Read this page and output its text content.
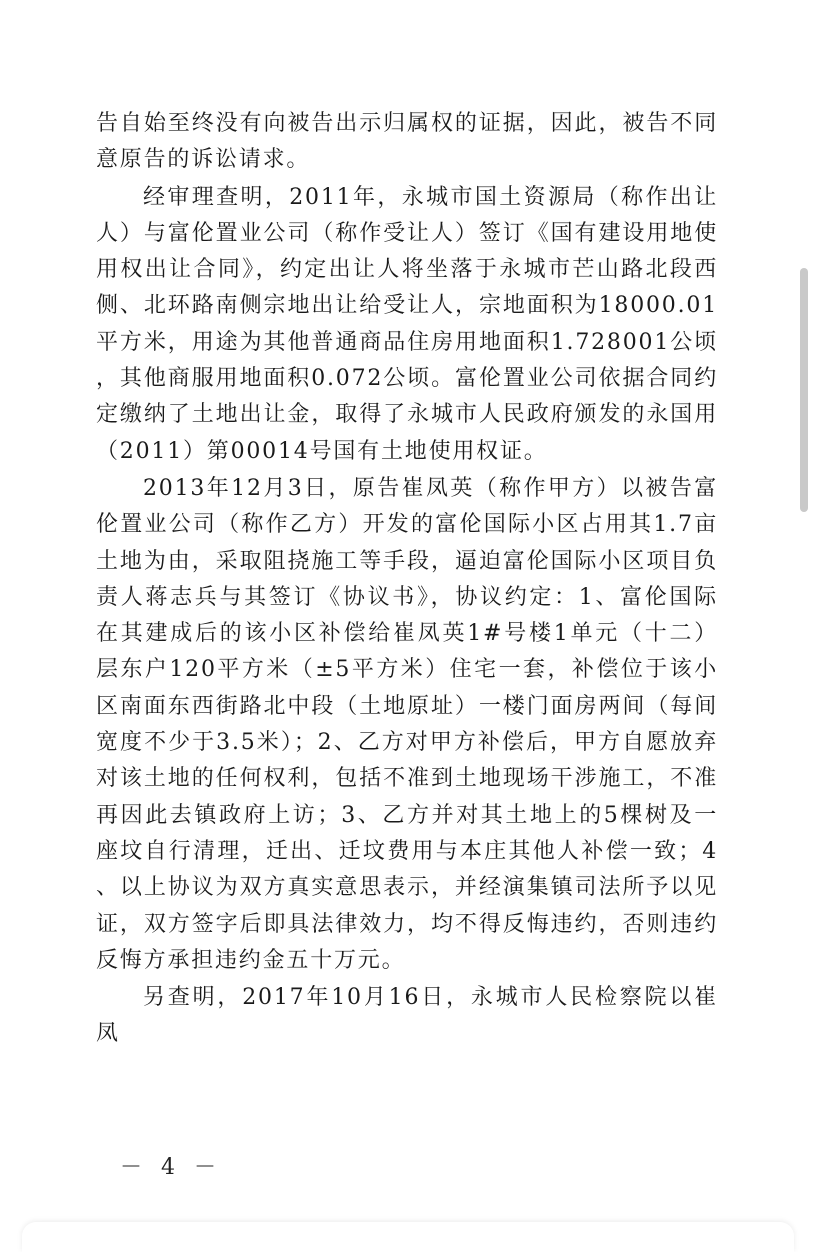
告自始至终没有向被告出示归属权的证据，因此，被告不同意原告的诉讼请求。

经审理查明，2011年，永城市国土资源局（称作出让人）与富伦置业公司（称作受让人）签订《国有建设用地使用权出让合同》，约定出让人将坐落于永城市芒山路北段西侧、北环路南侧宗地出让给受让人，宗地面积为18000.01平方米，用途为其他普通商品住房用地面积1.728001公顷，其他商服用地面积0.072公顷。富伦置业公司依据合同约定缴纳了土地出让金，取得了永城市人民政府颁发的永国用（2011）第00014号国有土地使用权证。

2013年12月3日，原告崔凤英（称作甲方）以被告富伦置业公司（称作乙方）开发的富伦国际小区占用其1.7亩土地为由，采取阻挠施工等手段，逼迫富伦国际小区项目负责人蒋志兵与其签订《协议书》，协议约定：1、富伦国际在其建成后的该小区补偿给崔凤英1#号楼1单元（十二）层东户120平方米（±5平方米）住宅一套，补偿位于该小区南面东西街路北中段（土地原址）一楼门面房两间（每间宽度不少于3.5米）；2、乙方对甲方补偿后，甲方自愿放弃对该土地的任何权利，包括不准到土地现场干涉施工，不准再因此去镇政府上访；3、乙方并对其土地上的5棵树及一座坟自行清理，迁出、迁坟费用与本庄其他人补偿一致；4、以上协议为双方真实意思表示，并经演集镇司法所予以见证，双方签字后即具法律效力，均不得反悔违约，否则违约反悔方承担违约金五十万元。

另查明，2017年10月16日，永城市人民检察院以崔凤

－ 4 －
